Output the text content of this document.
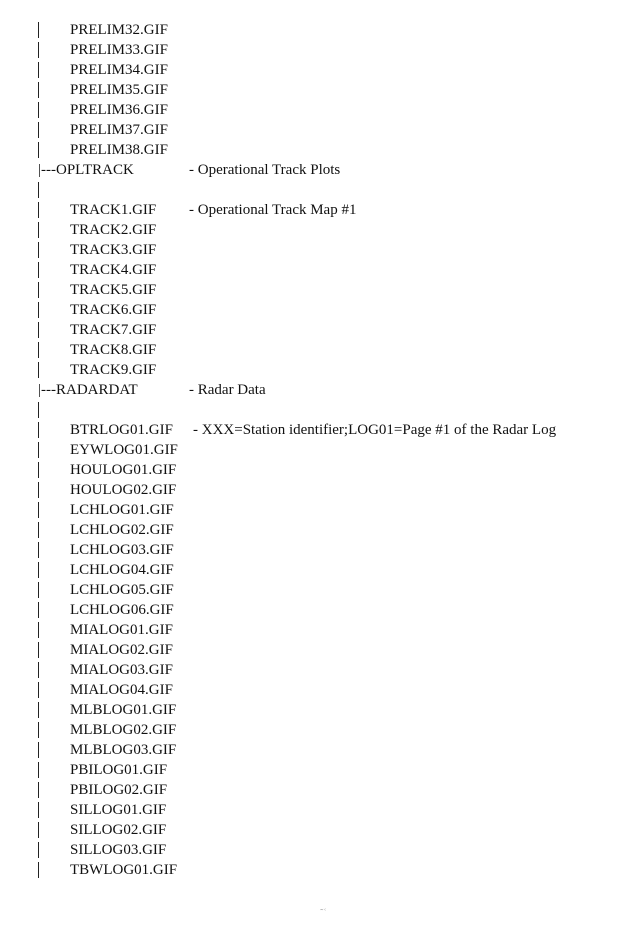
PRELIM32.GIF
PRELIM33.GIF
PRELIM34.GIF
PRELIM35.GIF
PRELIM36.GIF
PRELIM37.GIF
PRELIM38.GIF
|---OPLTRACK	- Operational Track Plots
TRACK1.GIF - Operational Track Map #1
TRACK2.GIF
TRACK3.GIF
TRACK4.GIF
TRACK5.GIF
TRACK6.GIF
TRACK7.GIF
TRACK8.GIF
TRACK9.GIF
|---RADARDAT	- Radar Data
BTRLOG01.GIF - XXX=Station identifier;LOG01=Page #1 of the Radar Log
EYWLOG01.GIF
HOULOG01.GIF
HOULOG02.GIF
LCHLOG01.GIF
LCHLOG02.GIF
LCHLOG03.GIF
LCHLOG04.GIF
LCHLOG05.GIF
LCHLOG06.GIF
MIALOG01.GIF
MIALOG02.GIF
MIALOG03.GIF
MIALOG04.GIF
MLBLOG01.GIF
MLBLOG02.GIF
MLBLOG03.GIF
PBILOG01.GIF
PBILOG02.GIF
SILLOG01.GIF
SILLOG02.GIF
SILLOG03.GIF
TBWLOG01.GIF
˜ʿ
